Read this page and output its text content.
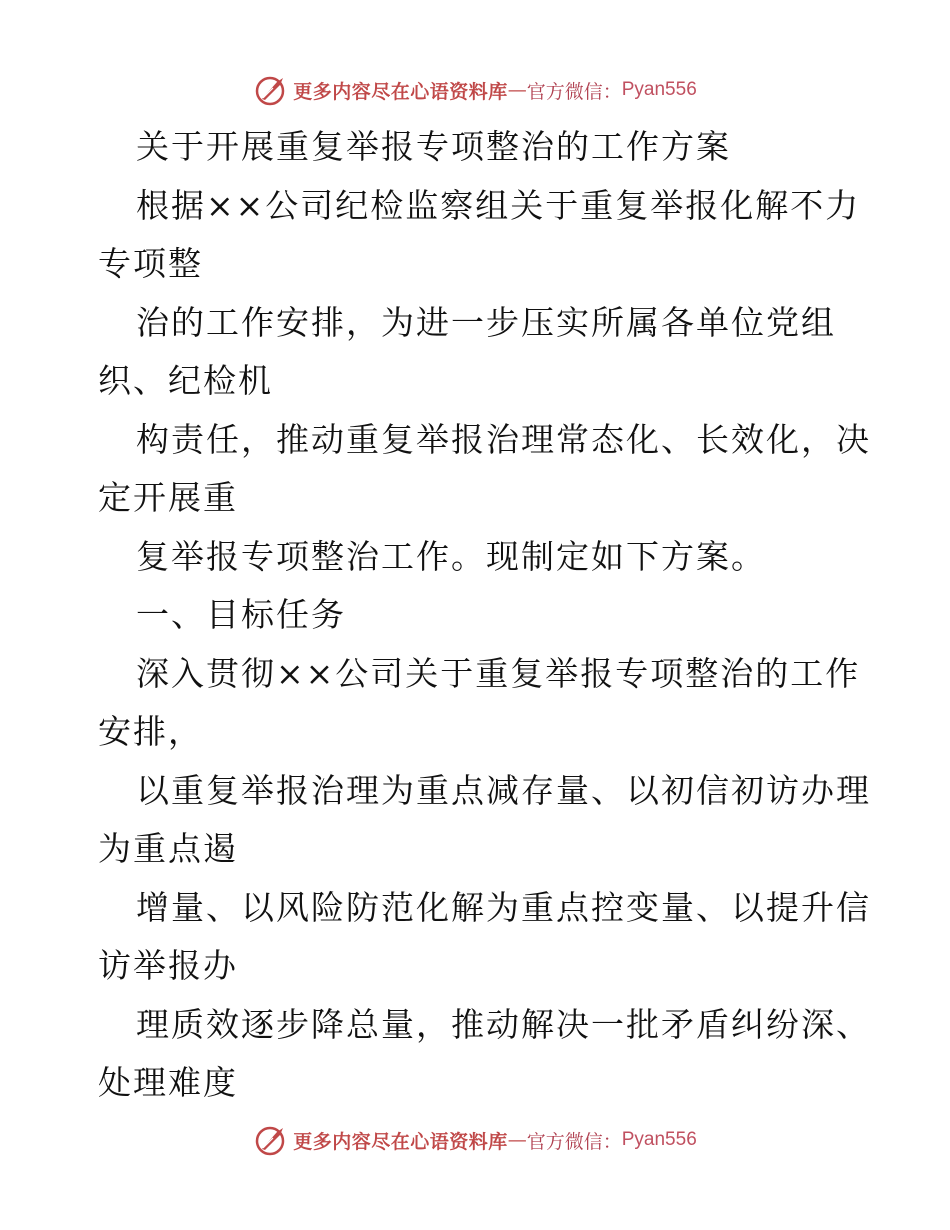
更多内容尽在心语资料库 — 官方微信： Pyan556
关于开展重复举报专项整治的工作方案
根据××公司纪检监察组关于重复举报化解不力
专项整
治的工作安排，为进一步压实所属各单位党组
织、纪检机
构责任，推动重复举报治理常态化、长效化，决
定开展重
复举报专项整治工作。现制定如下方案。
一、目标任务
深入贯彻××公司关于重复举报专项整治的工作
安排，
以重复举报治理为重点减存量、以初信初访办理
为重点遏
增量、以风险防范化解为重点控变量、以提升信
访举报办
理质效逐步降总量，推动解决一批矛盾纠纷深、
处理难度
更多内容尽在心语资料库 — 官方微信： Pyan556
